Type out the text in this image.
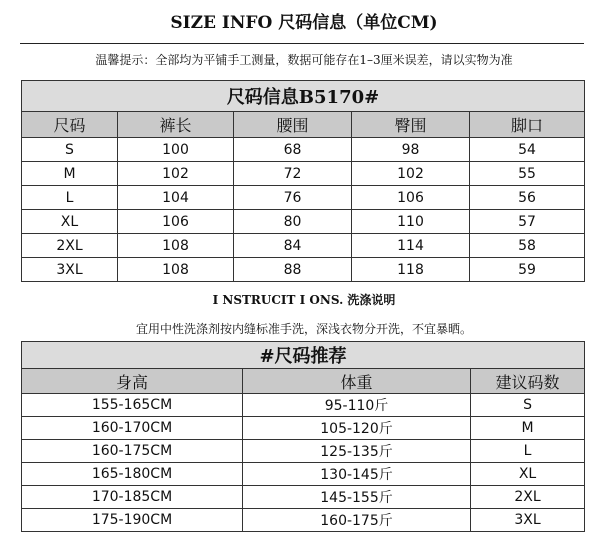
SIZE INFO 尺码信息（单位CM)
温馨提示：全部均为平铺手工测量，数据可能存在1–3厘米误差，请以实物为准
尺码信息B5170#				
尺码	裤长	腰围	臀围	脚口
S	100	68	98	54
M	102	72	102	55
L	104	76	106	56
XL	106	80	110	57
2XL	108	84	114	58
3XL	108	88	118	59
I NSTRUCIT I ONS. 洗涤说明
宜用中性洗涤剂按内缝标准手洗，深浅衣物分开洗，不宜暴晒。
#尺码推荐		
身高	体重	建议码数
155-165CM	95-110斤	S
160-170CM	105-120斤	M
160-175CM	125-135斤	L
165-180CM	130-145斤	XL
170-185CM	145-155斤	2XL
175-190CM	160-175斤	3XL
